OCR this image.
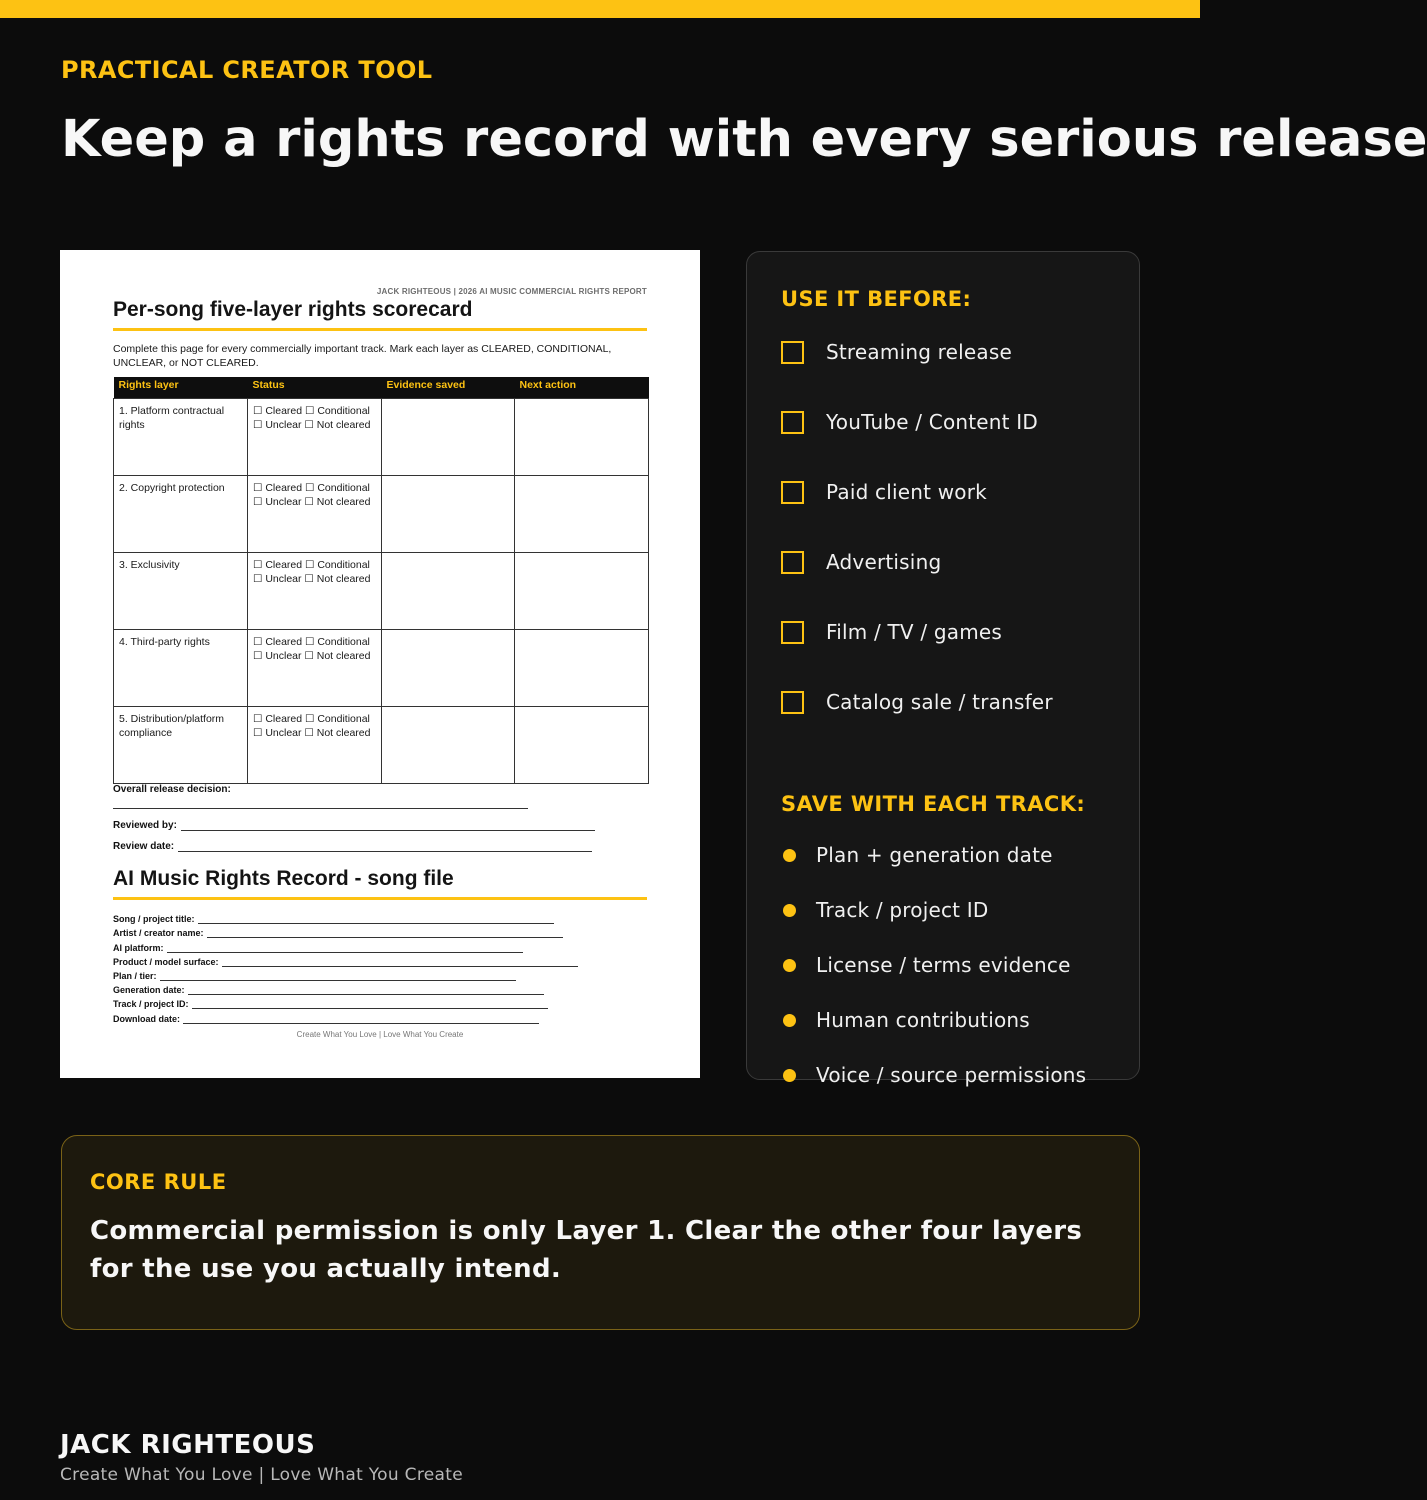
PRACTICAL CREATOR TOOL
Keep a rights record with every serious release
JACK RIGHTEOUS | 2026 AI MUSIC COMMERCIAL RIGHTS REPORT
Per-song five-layer rights scorecard
Complete this page for every commercially important track. Mark each layer as CLEARED, CONDITIONAL, UNCLEAR, or NOT CLEARED.
Rights layer	Status	Evidence saved	Next action
1. Platform contractual rights	☐ Cleared ☐ Conditional ☐ Unclear ☐ Not cleared		
2. Copyright protection	☐ Cleared ☐ Conditional ☐ Unclear ☐ Not cleared		
3. Exclusivity	☐ Cleared ☐ Conditional ☐ Unclear ☐ Not cleared		
4. Third-party rights	☐ Cleared ☐ Conditional ☐ Unclear ☐ Not cleared		
5. Distribution/platform compliance	☐ Cleared ☐ Conditional ☐ Unclear ☐ Not cleared		
Overall release decision:
Reviewed by:
Review date:
AI Music Rights Record - song file
Song / project title:
Artist / creator name:
AI platform:
Product / model surface:
Plan / tier:
Generation date:
Track / project ID:
Download date:
Create What You Love | Love What You Create
USE IT BEFORE:
Streaming release
YouTube / Content ID
Paid client work
Advertising
Film / TV / games
Catalog sale / transfer
SAVE WITH EACH TRACK:
Plan + generation date
Track / project ID
License / terms evidence
Human contributions
Voice / source permissions
CORE RULE
Commercial permission is only Layer 1. Clear the other four layers for the use you actually intend.
JACK RIGHTEOUS
Create What You Love | Love What You Create
